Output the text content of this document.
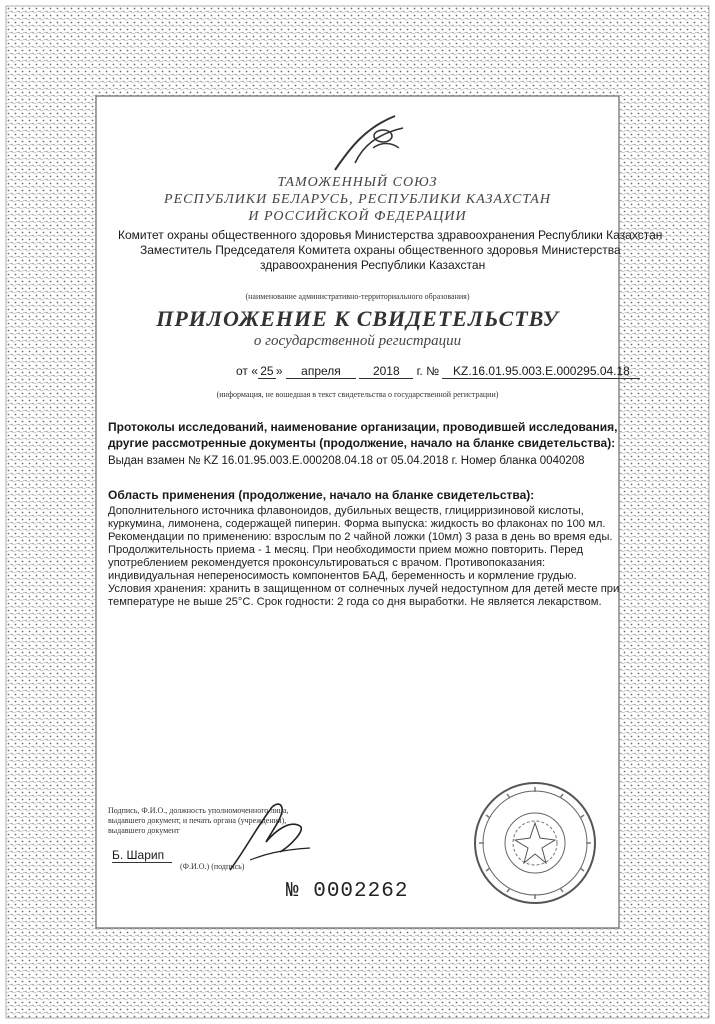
ТАМОЖЕННЫЙ СОЮЗ
РЕСПУБЛИКИ БЕЛАРУСЬ, РЕСПУБЛИКИ КАЗАХСТАН
И РОССИЙСКОЙ ФЕДЕРАЦИИ
Комитет охраны общественного здоровья Министерства здравоохранения Республики Казахстан
Заместитель Председателя Комитета охраны общественного здоровья Министерства
здравоохранения Республики Казахстан
(наименование административно-территориального образования)
ПРИЛОЖЕНИЕ К СВИДЕТЕЛЬСТВУ
о государственной регистрации
от « 25 » апреля	2018 г. № KZ.16.01.95.003.Е.000295.04.18
(информация, не вошедшая в текст свидетельства о государственной регистрации)
Протоколы исследований, наименование организации, проводившей исследования,
другие рассмотренные документы (продолжение, начало на бланке свидетельства):
Выдан взамен № KZ 16.01.95.003.Е.000208.04.18 от 05.04.2018 г. Номер бланка 0040208
Область применения (продолжение, начало на бланке свидетельства):
Дополнительного источника флавоноидов, дубильных веществ, глицирризиновой кислоты,
куркумина, лимонена, содержащей пиперин. Форма выпуска: жидкость во флаконах по 100 мл.
Рекомендации по применению: взрослым по 2 чайной ложки (10мл) 3 раза в день во время еды.
Продолжительность приема - 1 месяц. При необходимости прием можно повторить. Перед
употреблением рекомендуется проконсультироваться с врачом. Противопоказания:
индивидуальная непереносимость компонентов БАД, беременность и кормление грудью.
Условия хранения: хранить в защищенном от солнечных лучей недоступном для детей месте при
температуре не выше 25°С. Срок годности: 2 года со дня выработки. Не является лекарством.
Подпись, Ф.И.О., должность уполномоченного лица,
выдавшего документ, и печать органа (учреждения),
выдавшего документ
Б. Шарип
(Ф.И.О.) (подпись)
№ 0002262
